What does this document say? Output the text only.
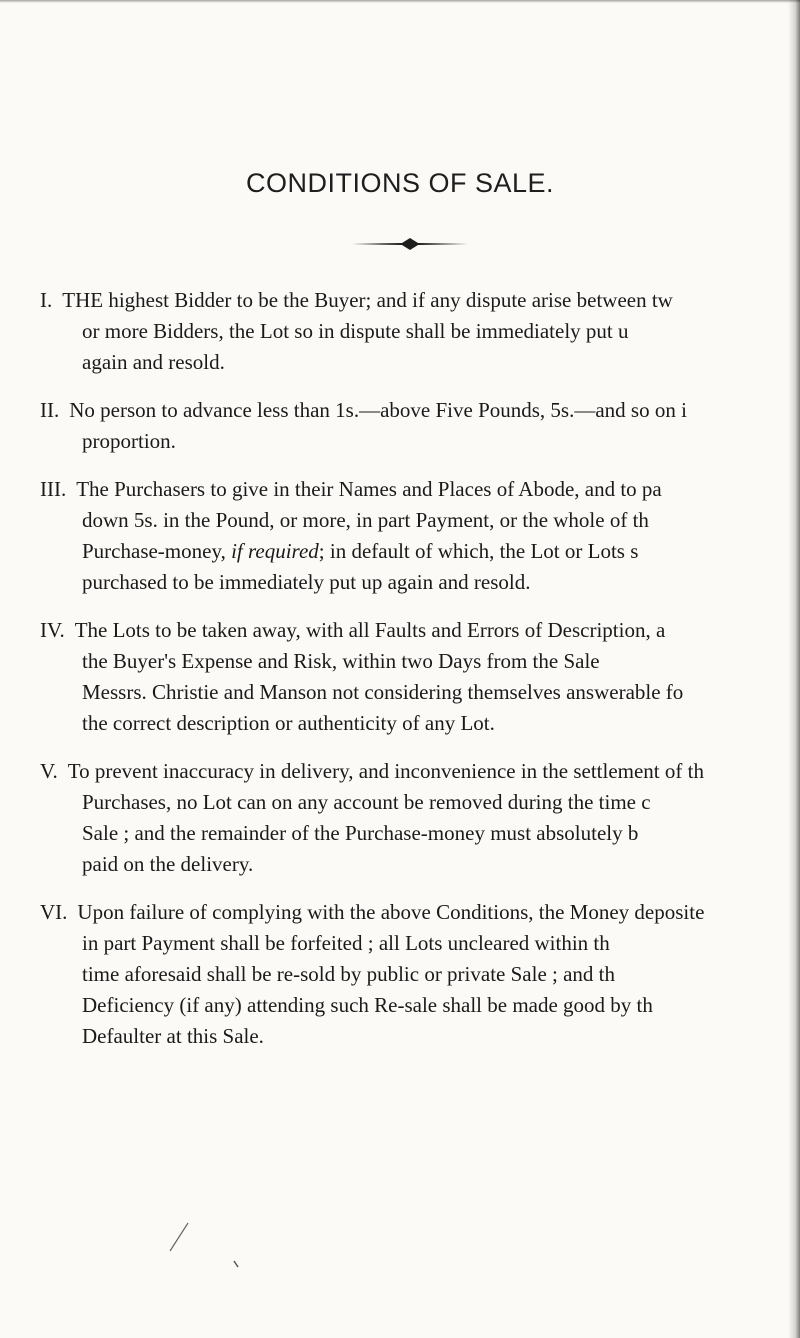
CONDITIONS OF SALE.
I. THE highest Bidder to be the Buyer; and if any dispute arise between tw
or more Bidders, the Lot so in dispute shall be immediately put u
again and resold.
II. No person to advance less than 1s.—above Five Pounds, 5s.—and so on i
proportion.
III. The Purchasers to give in their Names and Places of Abode, and to pa
down 5s. in the Pound, or more, in part Payment, or the whole of th
Purchase-money, if required; in default of which, the Lot or Lots s
purchased to be immediately put up again and resold.
IV. The Lots to be taken away, with all Faults and Errors of Description, a
the Buyer's Expense and Risk, within two Days from the Sale
Messrs. Christie and Manson not considering themselves answerable fo
the correct description or authenticity of any Lot.
V. To prevent inaccuracy in delivery, and inconvenience in the settlement of th
Purchases, no Lot can on any account be removed during the time c
Sale ; and the remainder of the Purchase-money must absolutely b
paid on the delivery.
VI. Upon failure of complying with the above Conditions, the Money deposite
in part Payment shall be forfeited ; all Lots uncleared within th
time aforesaid shall be re-sold by public or private Sale ; and th
Deficiency (if any) attending such Re-sale shall be made good by th
Defaulter at this Sale.
